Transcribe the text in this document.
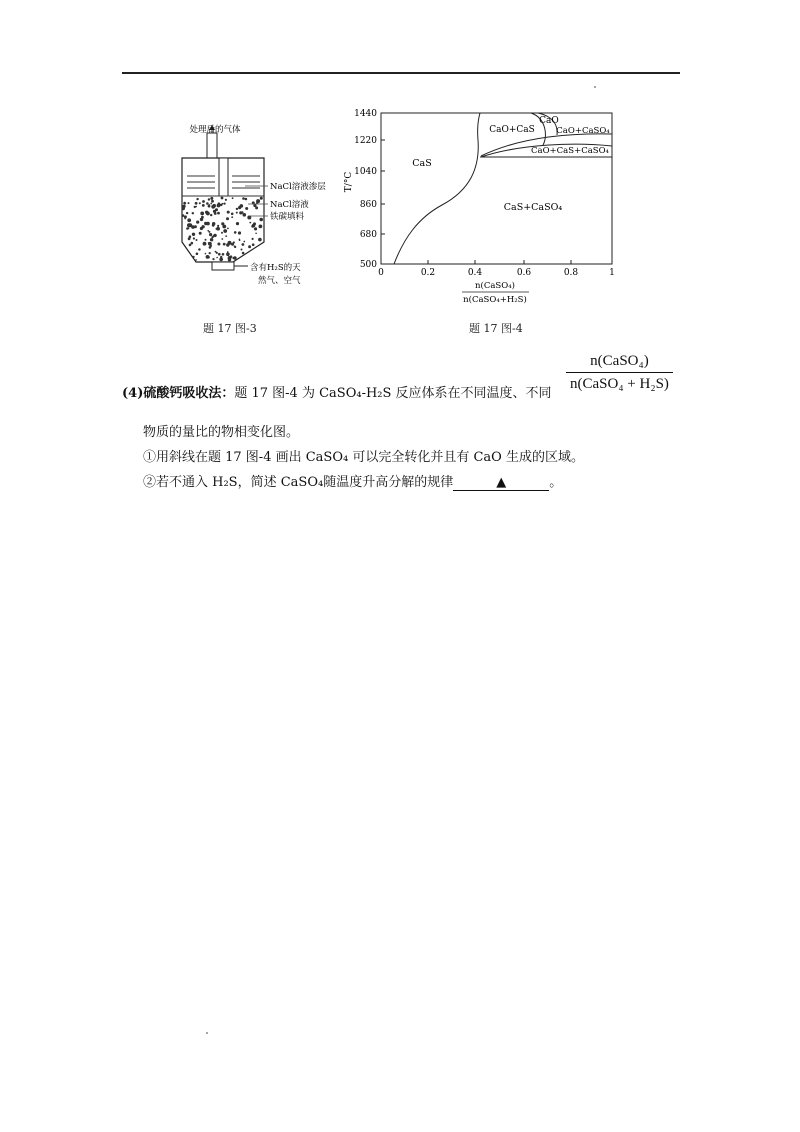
处理后的气体
NaCl溶液渗层
NaCl溶液
铁碳填料
含有H₂S的天
然气、空气
题 17 图-3
1440
1220
1040
860
680
500
0	0.2	0.4	0.6	0.8	1
T/°C
n(CaSO₄)
n(CaSO₄+H₂S)
CaS
CaO+CaS
CaO
CaO+CaSO₄
CaO+CaS+CaSO₄
CaS+CaSO₄
题 17 图-4
(4)硫酸钙吸收法：题 17 图-4 为 CaSO₄-H₂S 反应体系在不同温度、不同
n(CaSO₄)
n(CaSO₄ + H₂S)
物质的量比的物相变化图。
①用斜线在题 17 图-4 画出 CaSO₄ 可以完全转化并且有 CaO 生成的区域。
②若不通入 H₂S，简述 CaSO₄随温度升高分解的规律	▲	。
